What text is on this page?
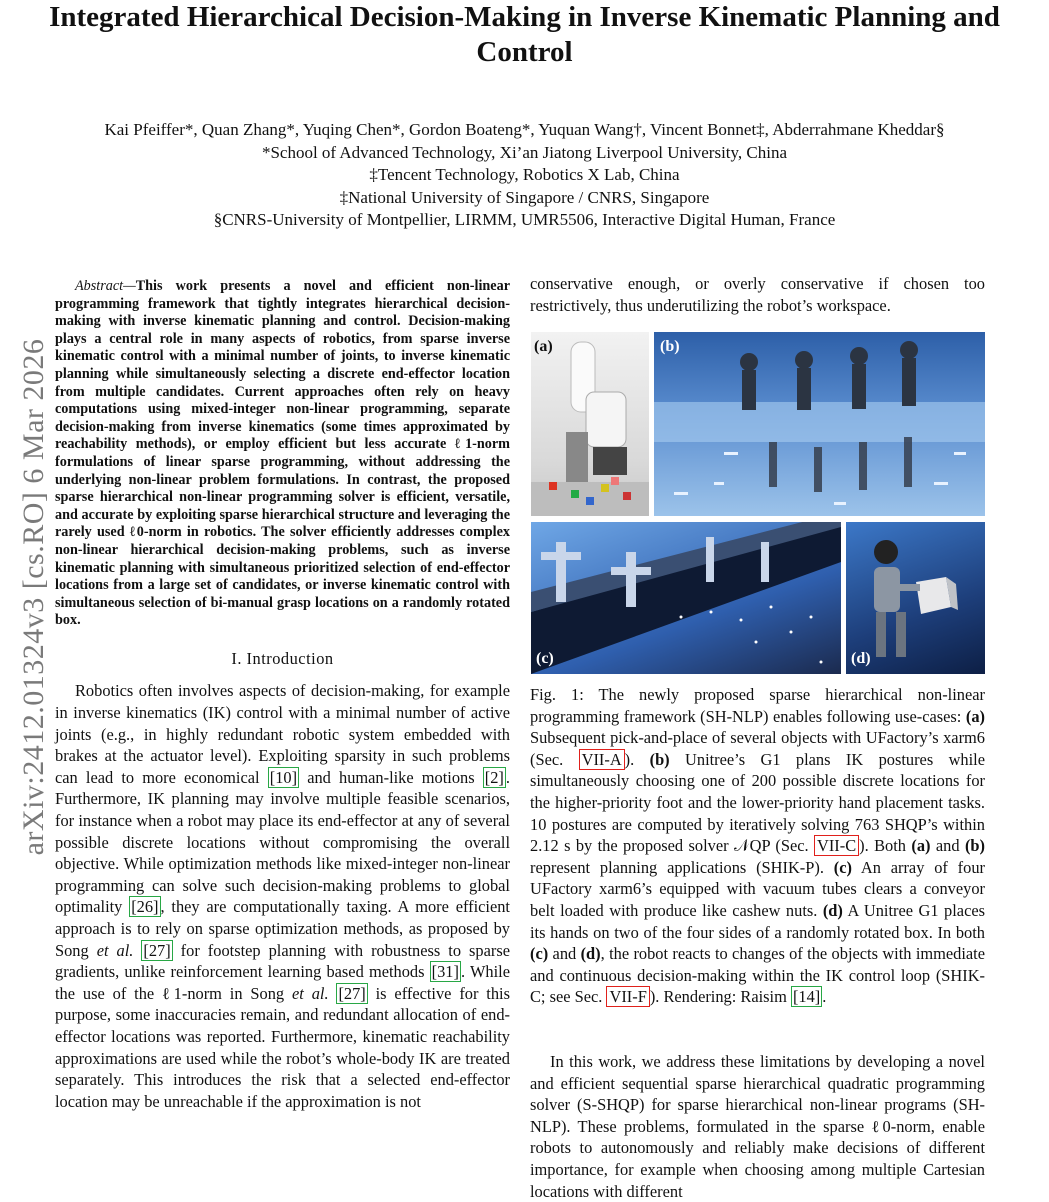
Integrated Hierarchical Decision-Making in Inverse Kinematic Planning and Control
Kai Pfeiffer*, Quan Zhang*, Yuqing Chen*, Gordon Boateng*, Yuquan Wang†, Vincent Bonnet‡, Abderrahmane Kheddar§
*School of Advanced Technology, Xi’an Jiatong Liverpool University, China
‡Tencent Technology, Robotics X Lab, China
‡National University of Singapore / CNRS, Singapore
§CNRS-University of Montpellier, LIRMM, UMR5506, Interactive Digital Human, France
arXiv:2412.01324v3 [cs.RO] 6 Mar 2026

Abstract—This work presents a novel and efficient non-linear programming framework that tightly integrates hierarchical decision-making with inverse kinematic planning and control. Decision-making plays a central role in many aspects of robotics, from sparse inverse kinematic control with a minimal number of joints, to inverse kinematic planning while simultaneously selecting a discrete end-effector location from multiple candidates. Current approaches often rely on heavy computations using mixed-integer non-linear programming, separate decision-making from inverse kinematics (some times approximated by reachability methods), or employ efficient but less accurate ℓ1-norm formulations of linear sparse programming, without addressing the underlying non-linear problem formulations. In contrast, the proposed sparse hierarchical non-linear programming solver is efficient, versatile, and accurate by exploiting sparse hierarchical structure and leveraging the rarely used ℓ0-norm in robotics. The solver efficiently addresses complex non-linear hierarchical decision-making problems, such as inverse kinematic planning with simultaneous prioritized selection of end-effector locations from a large set of candidates, or inverse kinematic control with simultaneous selection of bi-manual grasp locations on a randomly rotated box.

I. Introduction

Robotics often involves aspects of decision-making, for example in inverse kinematics (IK) control with a minimal number of active joints (e.g., in highly redundant robotic system embedded with brakes at the actuator level). Exploiting sparsity in such problems can lead to more economical [10] and human-like motions [2] . Furthermore, IK planning may involve multiple feasible scenarios, for instance when a robot may place its end-effector at any of several possible discrete locations without compromising the overall objective. While optimization methods like mixed-integer non-linear programming can solve such decision-making problems to global optimality [26] , they are computationally taxing. A more efficient approach is to rely on sparse optimization methods, as proposed by Song et al. [27] for footstep planning with robustness to sparse gradients, unlike reinforcement learning based methods [31] . While the use of the ℓ1-norm in Song et al. [27] is effective for this purpose, some inaccuracies remain, and redundant allocation of end-effector locations was reported. Furthermore, kinematic reachability approximations are used while the robot’s whole-body IK are treated separately. This introduces the risk that a selected end-effector location may be unreachable if the approximation is not

conservative enough, or overly conservative if chosen too restrictively, thus underutilizing the robot’s workspace.
(a)	(b)
(c)	(d)
Fig. 1: The newly proposed sparse hierarchical non-linear programming framework (SH-NLP) enables following use-cases: (a) Subsequent pick-and-place of several objects with UFactory’s xarm6 (Sec. VII-A ). (b) Unitree’s G1 plans IK postures while simultaneously choosing one of 200 possible discrete locations for the higher-priority foot and the lower-priority hand placement tasks. 10 postures are computed by iteratively solving 763 SHQP’s within 2.12 s by the proposed solver 𝒩QP (Sec. VII-C ). Both (a) and (b) represent planning applications (SHIK-P). (c) An array of four UFactory xarm6’s equipped with vacuum tubes clears a conveyor belt loaded with produce like cashew nuts. (d) A Unitree G1 places its hands on two of the four sides of a randomly rotated box. In both (c) and (d), the robot reacts to changes of the objects with immediate and continuous decision-making within the IK control loop (SHIK-C; see Sec. VII-F ). Rendering: Raisim [14] .
In this work, we address these limitations by developing a novel and efficient sequential sparse hierarchical quadratic programming solver (S-SHQP) for sparse hierarchical non-linear programs (SH-NLP). These problems, formulated in the sparse ℓ0-norm, enable robots to autonomously and reliably make decisions of different importance, for example when choosing among multiple Cartesian locations with different
